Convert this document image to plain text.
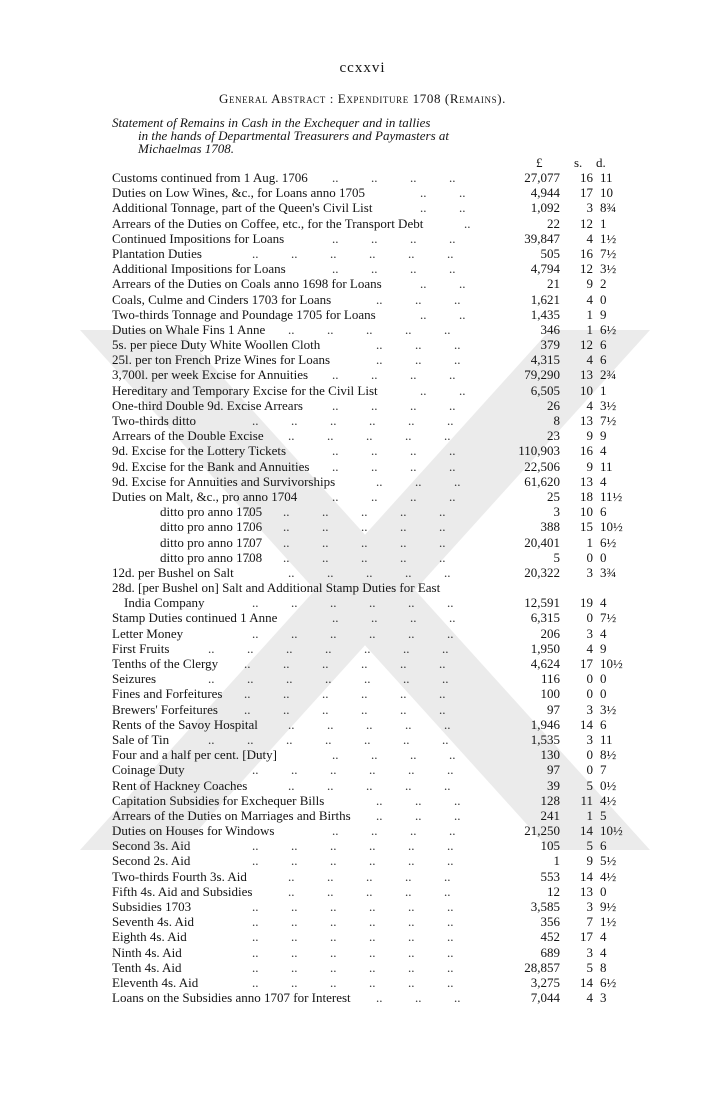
ccxxvi
General Abstract : Expenditure 1708 (Remains).
Statement of Remains in Cash in the Exchequer and in tallies
in the hands of Departmental Treasurers and Paymasters at
Michaelmas 1708.
£ s. d.
Customs continued from 1 Aug. 1706	27,077	16 11
..   ..   ..   ..
Duties on Low Wines, &c., for Loans anno 1705	4,944	17 10
..   ..
Additional Tonnage, part of the Queen's Civil List	1,092	3 8¾
..   ..
Arrears of the Duties on Coffee, etc., for the Transport Debt	22	12 1
..
Continued Impositions for Loans	39,847	4 1½
..   ..   ..   ..
Plantation Duties	505	16 7½
..   ..   ..   ..   ..   ..
Additional Impositions for Loans	4,794	12 3½
..   ..   ..   ..
Arrears of the Duties on Coals anno 1698 for Loans	21	9 2
..   ..
Coals, Culme and Cinders 1703 for Loans	1,621	4 0
..   ..   ..
Two-thirds Tonnage and Poundage 1705 for Loans	1,435	1 9
..   ..
Duties on Whale Fins 1 Anne	346	1 6½
..   ..   ..   ..   ..
5s. per piece Duty White Woollen Cloth	379	12 6
..   ..   ..
25l. per ton French Prize Wines for Loans	4,315	4 6
..   ..   ..
3,700l. per week Excise for Annuities	79,290	13 2¾
..   ..   ..   ..
Hereditary and Temporary Excise for the Civil List	6,505	10 1
..   ..
One-third Double 9d. Excise Arrears	26	4 3½
..   ..   ..   ..
Two-thirds ditto	8	13 7½
..   ..   ..   ..   ..   ..
Arrears of the Double Excise	23	9 9
..   ..   ..   ..   ..
9d. Excise for the Lottery Tickets	110,903	16 4
..   ..   ..   ..
9d. Excise for the Bank and Annuities	22,506	9 11
..   ..   ..   ..
9d. Excise for Annuities and Survivorships	61,620	13 4
..   ..   ..
Duties on Malt, &c., pro anno 1704	25	18 11½
..   ..   ..   ..
ditto pro anno 1705	3	10 6
..   ..   ..   ..   ..   ..
ditto pro anno 1706	388	15 10½
..   ..   ..   ..   ..   ..
ditto pro anno 1707	20,401	1 6½
..   ..   ..   ..   ..   ..
ditto pro anno 1708	5	0 0
..   ..   ..   ..   ..   ..
12d. per Bushel on Salt	20,322	3 3¾
..   ..   ..   ..   ..
28d. [per Bushel on] Salt and Additional Stamp Duties for East
India Company	12,591	19 4
..   ..   ..   ..   ..   ..
Stamp Duties continued 1 Anne	6,315	0 7½
..   ..   ..   ..
Letter Money	206	3 4
..   ..   ..   ..   ..   ..
First Fruits	1,950	4 9
..   ..   ..   ..   ..   ..   ..
Tenths of the Clergy	4,624	17 10½
..   ..   ..   ..   ..   ..
Seizures	116	0 0
..   ..   ..   ..   ..   ..   ..
Fines and Forfeitures	100	0 0
..   ..   ..   ..   ..   ..
Brewers' Forfeitures	97	3 3½
..   ..   ..   ..   ..   ..
Rents of the Savoy Hospital	1,946	14 6
..   ..   ..   ..   ..
Sale of Tin	1,535	3 11
..   ..   ..   ..   ..   ..   ..
Four and a half per cent. [Duty]	130	0 8½
..   ..   ..   ..
Coinage Duty	97	0 7
..   ..   ..   ..   ..   ..
Rent of Hackney Coaches	39	5 0½
..   ..   ..   ..   ..
Capitation Subsidies for Exchequer Bills	128	11 4½
..   ..   ..
Arrears of the Duties on Marriages and Births	241	1 5
..   ..   ..
Duties on Houses for Windows	21,250	14 10½
..   ..   ..   ..
Second 3s. Aid	105	5 6
..   ..   ..   ..   ..   ..
Second 2s. Aid	1	9 5½
..   ..   ..   ..   ..   ..
Two-thirds Fourth 3s. Aid	553	14 4½
..   ..   ..   ..   ..
Fifth 4s. Aid and Subsidies	12	13 0
..   ..   ..   ..   ..
Subsidies 1703	3,585	3 9½
..   ..   ..   ..   ..   ..
Seventh 4s. Aid	356	7 1½
..   ..   ..   ..   ..   ..
Eighth 4s. Aid	452	17 4
..   ..   ..   ..   ..   ..
Ninth 4s. Aid	689	3 4
..   ..   ..   ..   ..   ..
Tenth 4s. Aid	28,857	5 8
..   ..   ..   ..   ..   ..
Eleventh 4s. Aid	3,275	14 6½
..   ..   ..   ..   ..   ..
Loans on the Subsidies anno 1707 for Interest	7,044	4 3
..   ..   ..
